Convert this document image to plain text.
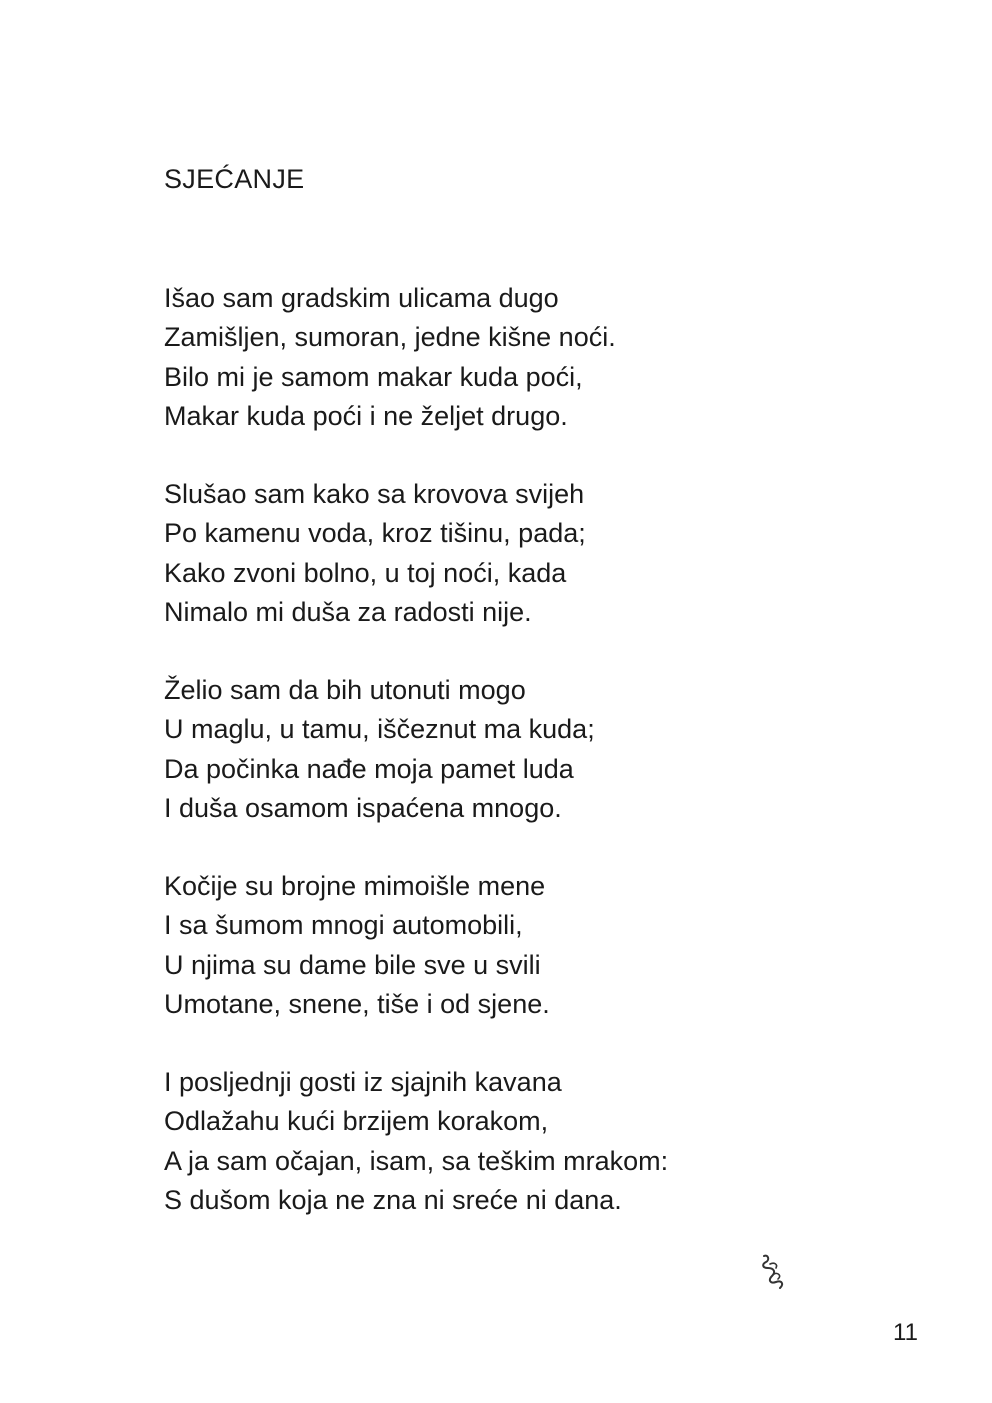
SJEĆANJE
Išao sam gradskim ulicama dugo
Zamišljen, sumoran, jedne kišne noći.
Bilo mi je samom makar kuda poći,
Makar kuda poći i ne željet drugo.
Slušao sam kako sa krovova svijeh
Po kamenu voda, kroz tišinu, pada;
Kako zvoni bolno, u toj noći, kada
Nimalo mi duša za radosti nije.
Želio sam da bih utonuti mogo
U maglu, u tamu, iščeznut ma kuda;
Da počinka nađe moja pamet luda
I duša osamom ispaćena mnogo.
Kočije su brojne mimoišle mene
I sa šumom mnogi automobili,
U njima su dame bile sve u svili
Umotane, snene, tiše i od sjene.
I posljednji gosti iz sjajnih kavana
Odlažahu kući brzijem korakom,
A ja sam očajan, isam, sa teškim mrakom:
S dušom koja ne zna ni sreće ni dana.
11
